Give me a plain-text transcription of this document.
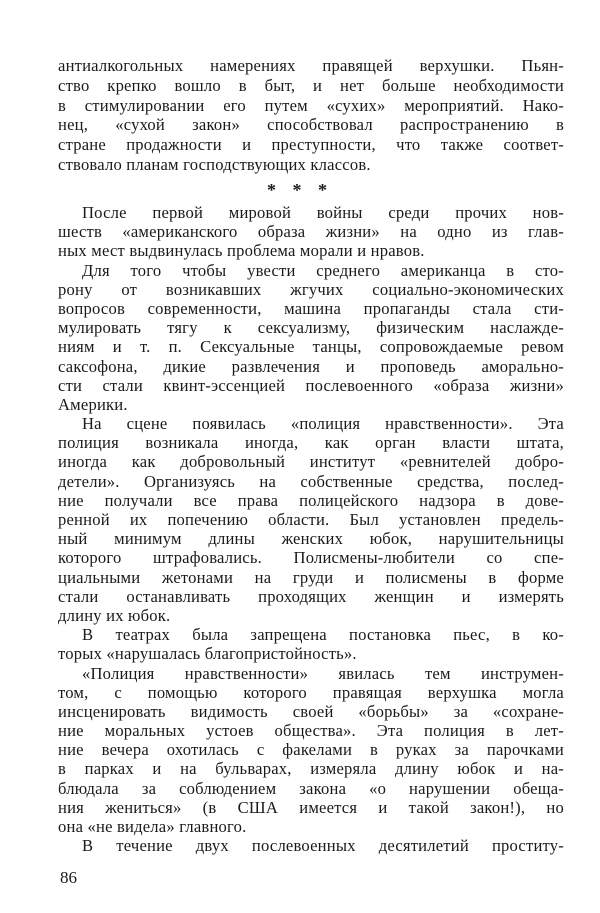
антиалкогольных намерениях правящей верхушки. Пьян-
ство крепко вошло в быт, и нет больше необходимости
в стимулировании его путем «сухих» мероприятий. Нако-
нец, «сухой закон» способствовал распространению в
стране продажности и преступности, что также соответ-
ствовало планам господствующих классов.
* * *
После первой мировой войны среди прочих нов-
шеств «американского образа жизни» на одно из глав-
ных мест выдвинулась проблема морали и нравов.
Для того чтобы увести среднего американца в сто-
рону от возникавших жгучих социально-экономических
вопросов современности, машина пропаганды стала сти-
мулировать тягу к сексуализму, физическим наслажде-
ниям и т. п. Сексуальные танцы, сопровождаемые ревом
саксофона, дикие развлечения и проповедь аморально-
сти стали квинт-эссенцией послевоенного «образа жизни»
Америки.
На сцене появилась «полиция нравственности». Эта
полиция возникала иногда, как орган власти штата,
иногда как добровольный институт «ревнителей добро-
детели». Организуясь на собственные средства, послед-
ние получали все права полицейского надзора в дове-
ренной их попечению области. Был установлен предель-
ный минимум длины женских юбок, нарушительницы
которого штрафовались. Полисмены-любители со спе-
циальными жетонами на груди и полисмены в форме
стали останавливать проходящих женщин и измерять
длину их юбок.
В театрах была запрещена постановка пьес, в ко-
торых «нарушалась благопристойность».
«Полиция нравственности» явилась тем инструмен-
том, с помощью которого правящая верхушка могла
инсценировать видимость своей «борьбы» за «сохране-
ние моральных устоев общества». Эта полиция в лет-
ние вечера охотилась с факелами в руках за парочками
в парках и на бульварах, измеряла длину юбок и на-
блюдала за соблюдением закона «о нарушении обеща-
ния жениться» (в США имеется и такой закон!), но
она «не видела» главного.
В течение двух послевоенных десятилетий проститу-
86
